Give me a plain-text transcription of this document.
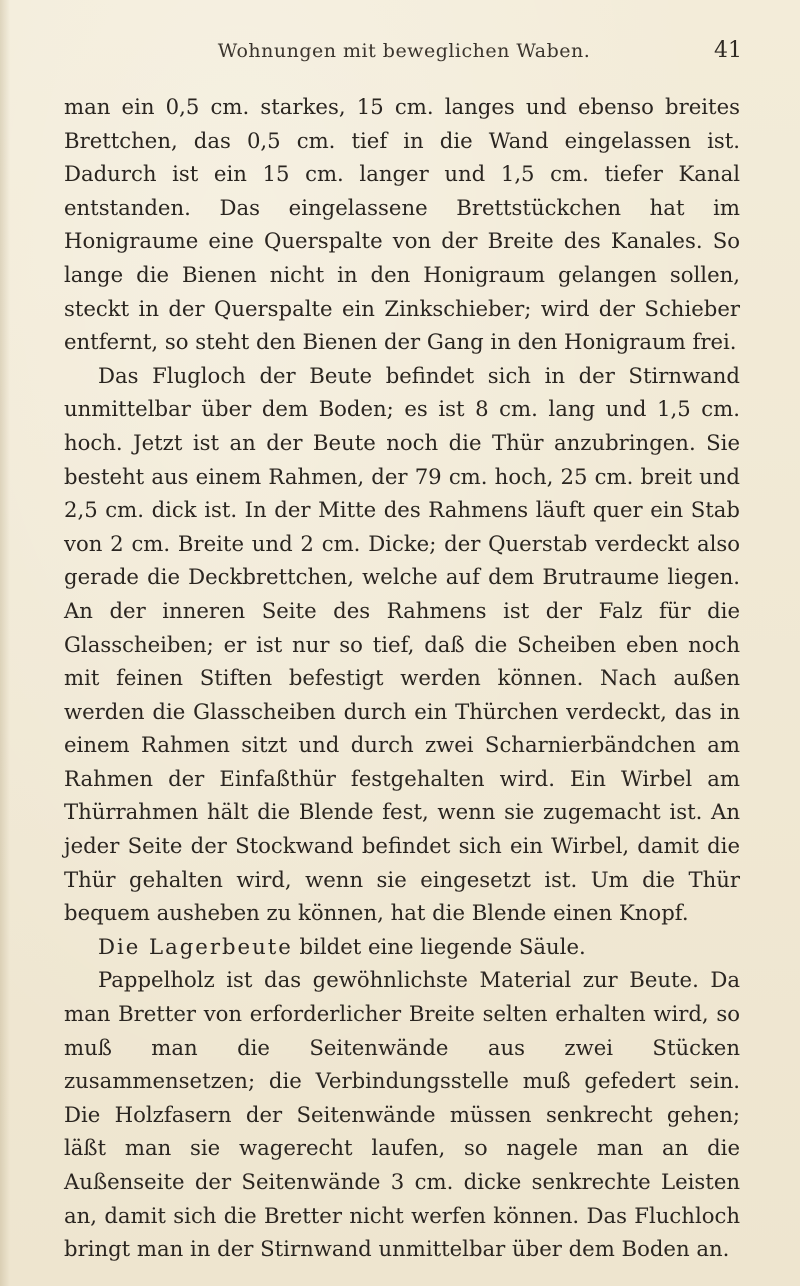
Wohnungen mit beweglichen Waben.	41

man ein 0,5 cm. starkes, 15 cm. langes und ebenso breites Brettchen, das 0,5 cm. tief in die Wand eingelassen ist. Dadurch ist ein 15 cm. langer und 1,5 cm. tiefer Kanal entstanden. Das eingelassene Brettstückchen hat im Honigraume eine Querspalte von der Breite des Kanales. So lange die Bienen nicht in den Honigraum gelangen sollen, steckt in der Querspalte ein Zinkschieber; wird der Schieber entfernt, so steht den Bienen der Gang in den Honigraum frei.

Das Flugloch der Beute befindet sich in der Stirnwand unmittelbar über dem Boden; es ist 8 cm. lang und 1,5 cm. hoch. Jetzt ist an der Beute noch die Thür anzubringen. Sie besteht aus einem Rahmen, der 79 cm. hoch, 25 cm. breit und 2,5 cm. dick ist. In der Mitte des Rahmens läuft quer ein Stab von 2 cm. Breite und 2 cm. Dicke; der Querstab verdeckt also gerade die Deckbrettchen, welche auf dem Brutraume liegen. An der inneren Seite des Rahmens ist der Falz für die Glasscheiben; er ist nur so tief, daß die Scheiben eben noch mit feinen Stiften befestigt werden können. Nach außen werden die Glasscheiben durch ein Thürchen verdeckt, das in einem Rahmen sitzt und durch zwei Scharnierbändchen am Rahmen der Einfaßthür festgehalten wird. Ein Wirbel am Thürrahmen hält die Blende fest, wenn sie zugemacht ist. An jeder Seite der Stockwand befindet sich ein Wirbel, damit die Thür gehalten wird, wenn sie eingesetzt ist. Um die Thür bequem ausheben zu können, hat die Blende einen Knopf.

Die Lagerbeute bildet eine liegende Säule.

Pappelholz ist das gewöhnlichste Material zur Beute. Da man Bretter von erforderlicher Breite selten erhalten wird, so muß man die Seitenwände aus zwei Stücken zusammensetzen; die Verbindungsstelle muß gefedert sein. Die Holzfasern der Seitenwände müssen senkrecht gehen; läßt man sie wagerecht laufen, so nagele man an die Außenseite der Seitenwände 3 cm. dicke senkrechte Leisten an, damit sich die Bretter nicht werfen können. Das Fluchloch bringt man in der Stirnwand unmittelbar über dem Boden an.
